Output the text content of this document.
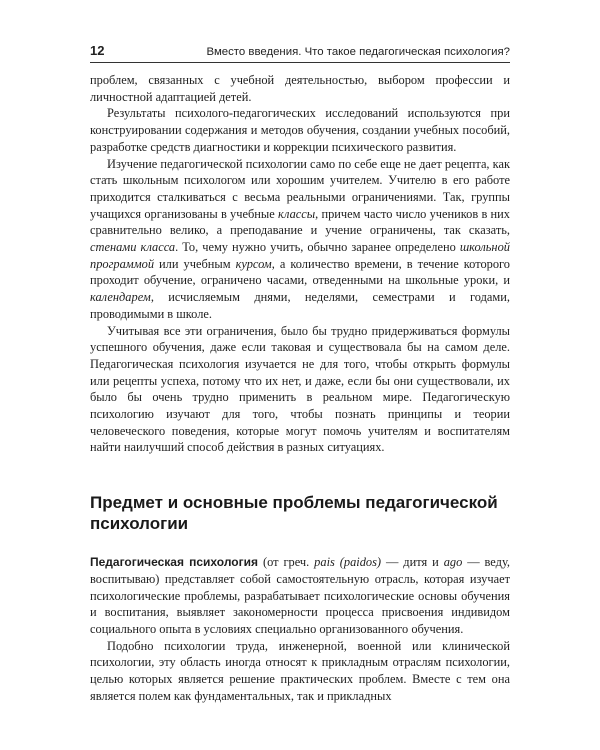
12	Вместо введения. Что такое педагогическая психология?

проблем, связанных с учебной деятельностью, выбором профессии и личностной адаптацией детей.

Результаты психолого-педагогических исследований используются при конструировании содержания и методов обучения, создании учебных пособий, разработке средств диагностики и коррекции психического развития.

Изучение педагогической психологии само по себе еще не дает рецепта, как стать школьным психологом или хорошим учителем. Учителю в его работе приходится сталкиваться с весьма реальными ограничениями. Так, группы учащихся организованы в учебные классы, причем часто число учеников в них сравнительно велико, а преподавание и учение ограничены, так сказать, стенами класса. То, чему нужно учить, обычно заранее определено школьной программой или учебным курсом, а количество времени, в течение которого проходит обучение, ограничено часами, отведенными на школьные уроки, и календарем, исчисляемым днями, неделями, семестрами и годами, проводимыми в школе.

Учитывая все эти ограничения, было бы трудно придерживаться формулы успешного обучения, даже если таковая и существовала бы на самом деле. Педагогическая психология изучается не для того, чтобы открыть формулы или рецепты успеха, потому что их нет, и даже, если бы они существовали, их было бы очень трудно применить в реальном мире. Педагогическую психологию изучают для того, чтобы познать принципы и теории человеческого поведения, которые могут помочь учителям и воспитателям найти наилучший способ действия в разных ситуациях.

Предмет и основные проблемы педагогической психологии

Педагогическая психология (от греч. pais (paidos) — дитя и ago — веду, воспитываю) представляет собой самостоятельную отрасль, которая изучает психологические проблемы, разрабатывает психологические основы обучения и воспитания, выявляет закономерности процесса присвоения индивидом социального опыта в условиях специально организованного обучения.

Подобно психологии труда, инженерной, военной или клинической психологии, эту область иногда относят к прикладным отраслям психологии, целью которых является решение практических проблем. Вместе с тем она является полем как фундаментальных, так и прикладных
